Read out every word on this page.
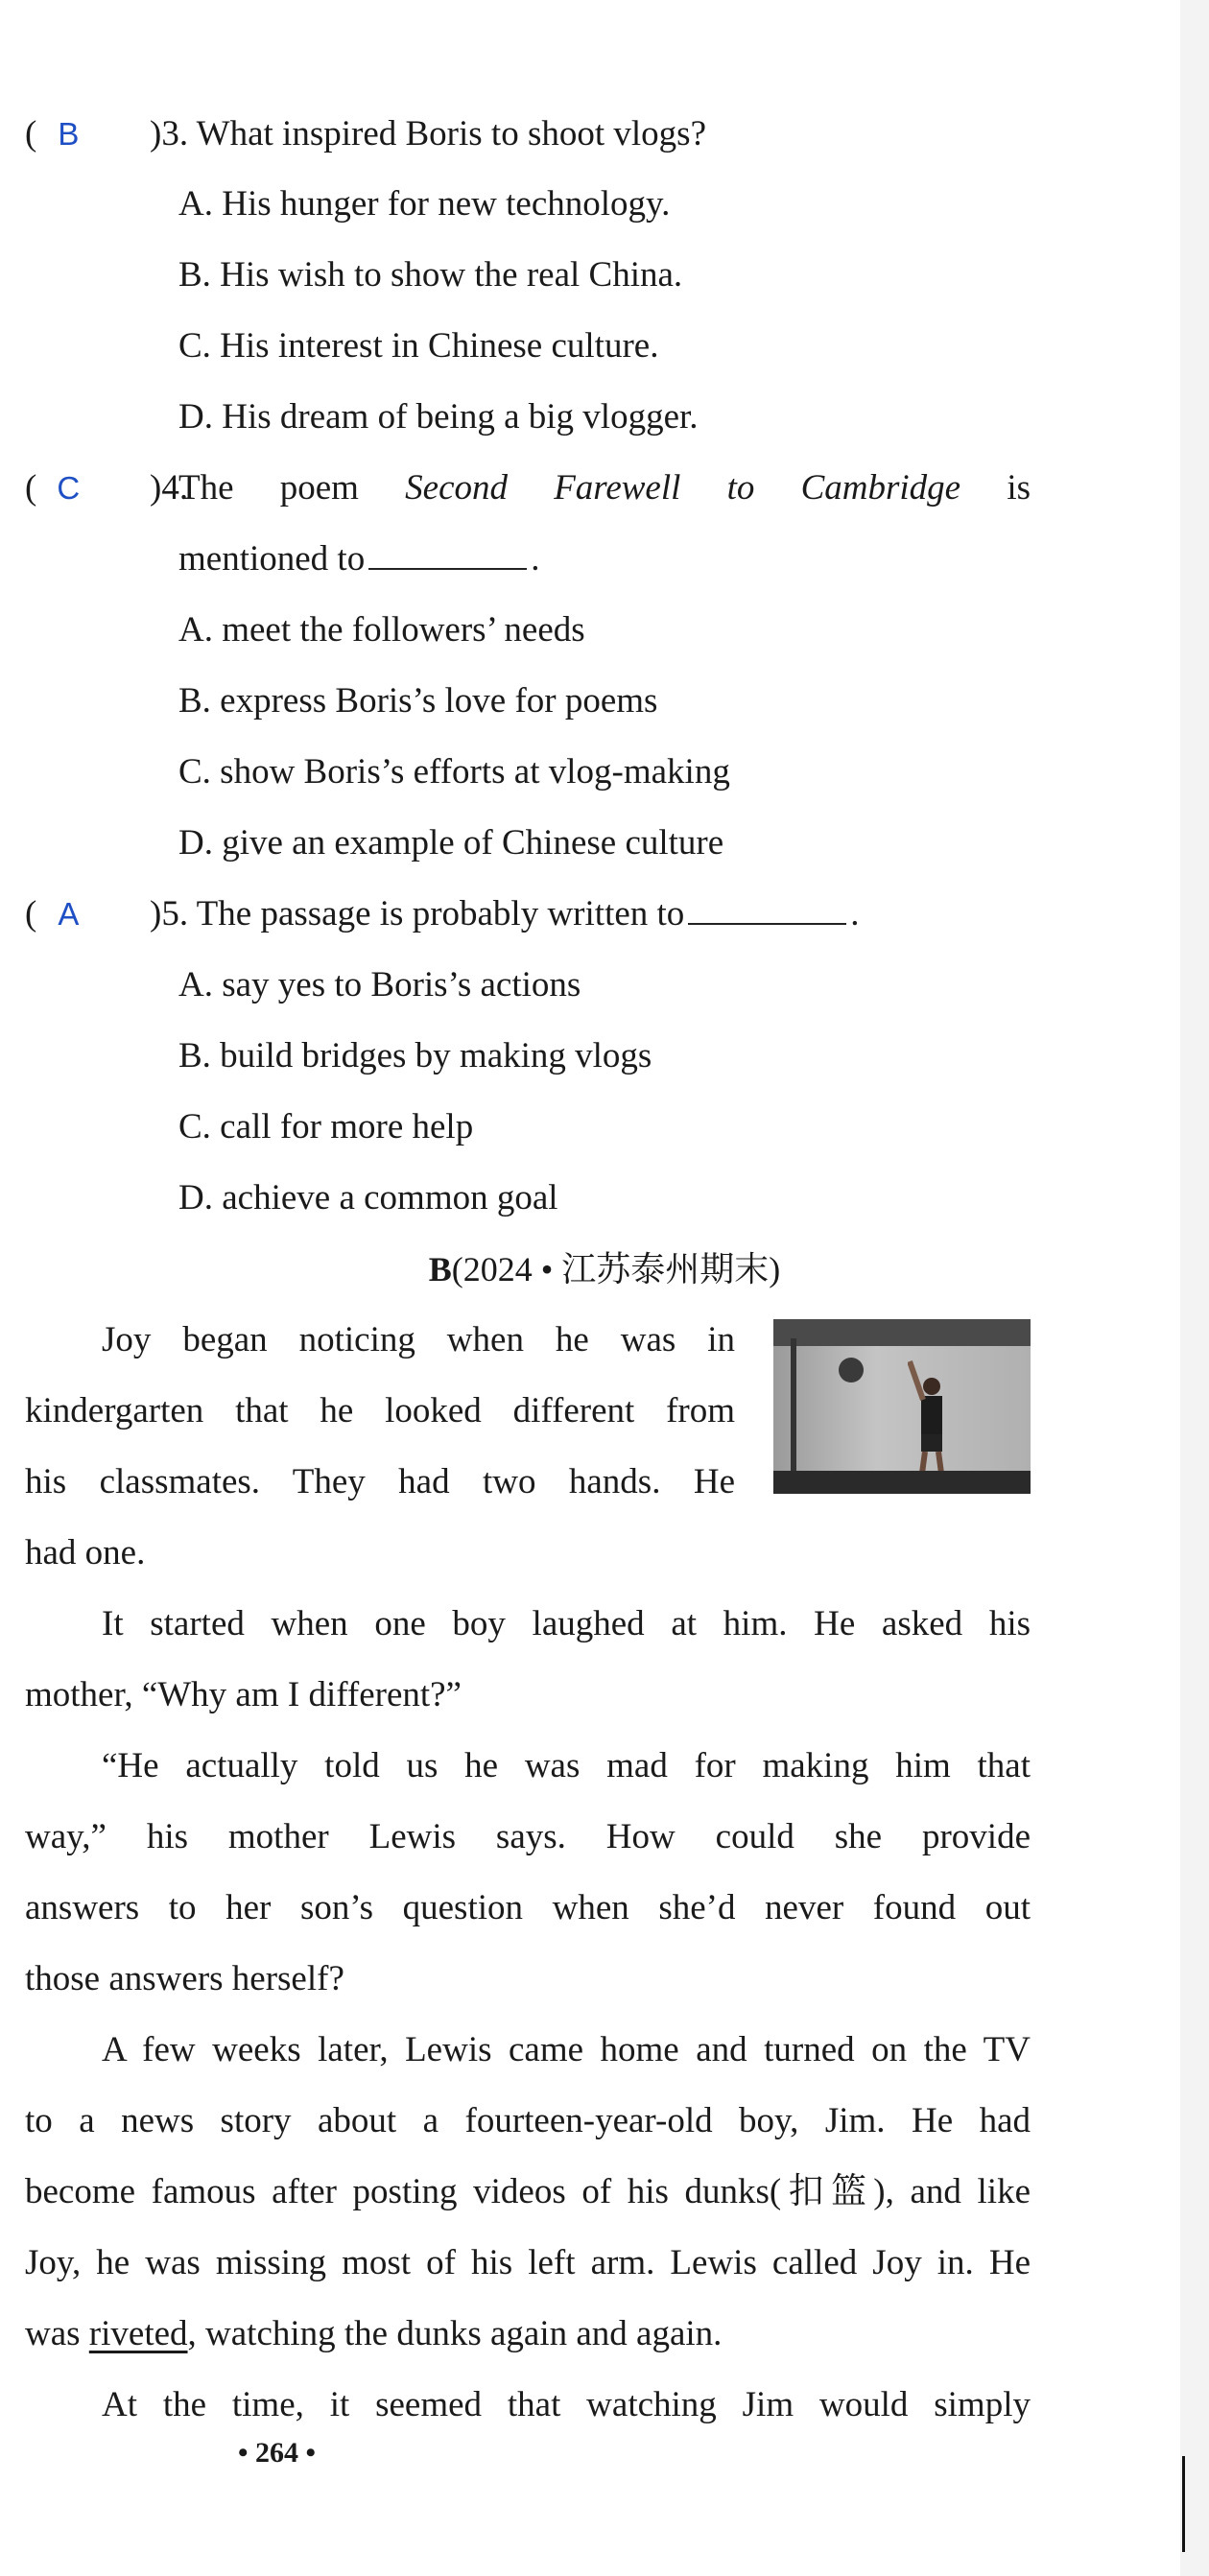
( B )3. What inspired Boris to shoot vlogs?
A. His hunger for new technology.
B. His wish to show the real China.
C. His interest in Chinese culture.
D. His dream of being a big vlogger.
( C )4.
The poem Second Farewell to Cambridge is
mentioned to	.
A. meet the followers’ needs
B. express Boris’s love for poems
C. show Boris’s efforts at vlog-making
D. give an example of Chinese culture
( A )5. The passage is probably written to	.
A. say yes to Boris’s actions
B. build bridges by making vlogs
C. call for more help
D. achieve a common goal
B(2024 • 江苏泰州期末)
Joy began noticing when he was in
kindergarten that he looked different from
his classmates. They had two hands. He
had one.
It started when one boy laughed at him. He asked his
mother, “Why am I different?”
“He actually told us he was mad for making him that
way,” his mother Lewis says. How could she provide
answers to her son’s question when she’d never found out
those answers herself?
A few weeks later, Lewis came home and turned on the TV
to a news story about a fourteen-year-old boy, Jim. He had
become famous after posting videos of his dunks(扣篮), and like
Joy, he was missing most of his left arm. Lewis called Joy in. He
was riveted, watching the dunks again and again.
At the time, it seemed that watching Jim would simply
• 264 •
